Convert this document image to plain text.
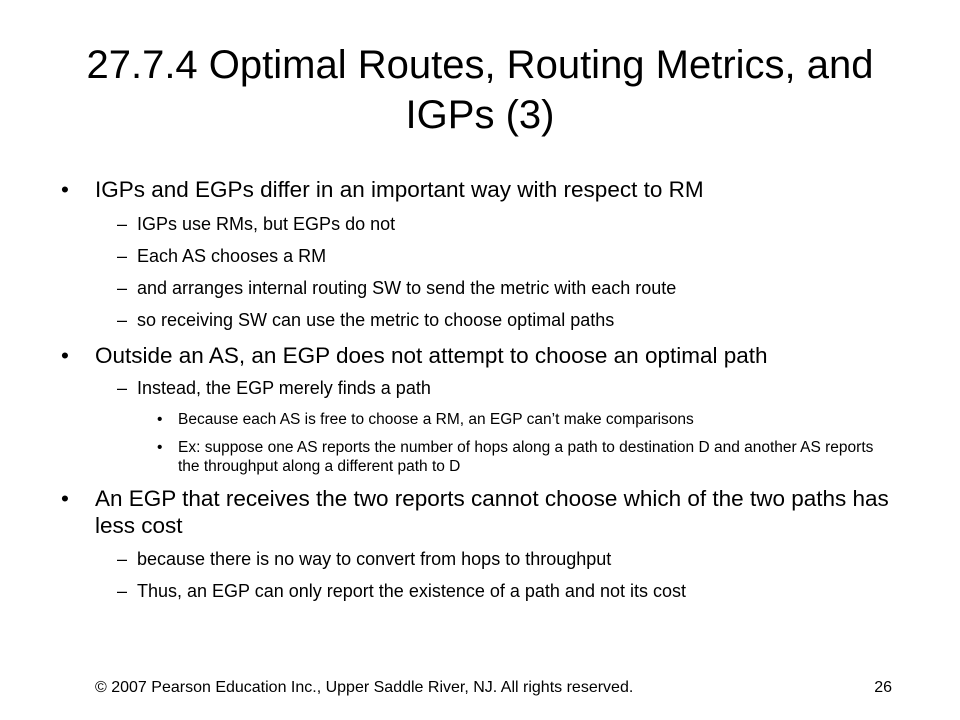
27.7.4 Optimal Routes, Routing Metrics, and IGPs (3)
• IGPs and EGPs differ in an important way with respect to RM
– IGPs use RMs, but EGPs do not
– Each AS chooses a RM
– and arranges internal routing SW to send the metric with each route
– so receiving SW can use the metric to choose optimal paths
• Outside an AS, an EGP does not attempt to choose an optimal path
– Instead, the EGP merely finds a path
• Because each AS is free to choose a RM, an EGP can’t make comparisons
• Ex: suppose one AS reports the number of hops along a path to destination D and another AS reports the throughput along a different path to D
• An EGP that receives the two reports cannot choose which of the two paths has less cost
– because there is no way to convert from hops to throughput
– Thus, an EGP can only report the existence of a path and not its cost
© 2007 Pearson Education Inc., Upper Saddle River, NJ. All rights reserved.	26
